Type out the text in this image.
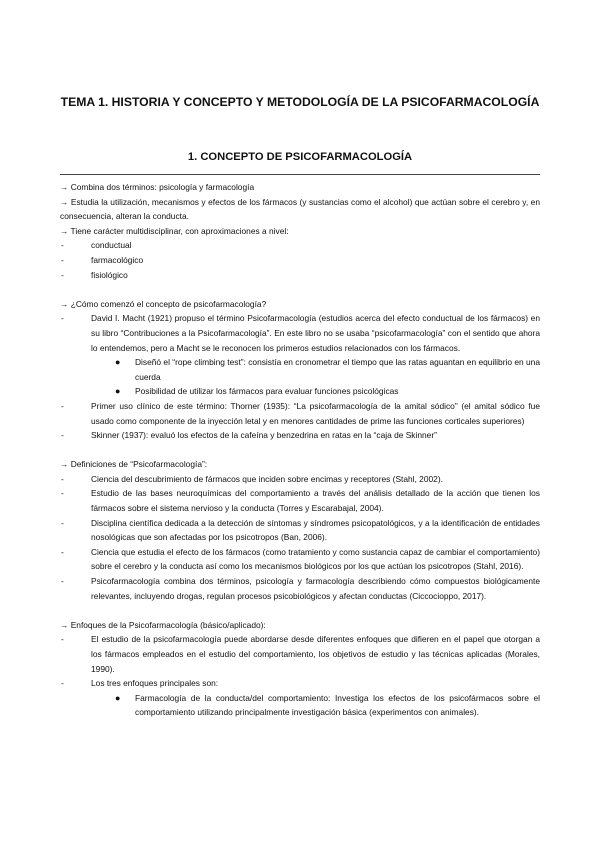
TEMA 1. HISTORIA Y CONCEPTO Y METODOLOGÍA DE LA PSICOFARMACOLOGÍA
1. CONCEPTO DE PSICOFARMACOLOGÍA

→ Combina dos términos: psicología y farmacología

→ Estudia la utilización, mecanismos y efectos de los fármacos (y sustancias como el alcohol) que actúan sobre el cerebro y, en consecuencia, alteran la conducta.

→ Tiene carácter multidisciplinar, con aproximaciones a nivel:

-	conductual
-	farmacológico
-	fisiológico

→ ¿Cómo comenzó el concepto de psicofarmacología?

-	David I. Macht (1921) propuso el término Psicofarmacología (estudios acerca del efecto conductual de los fármacos) en su libro “Contribuciones a la Psicofarmacología”. En este libro no se usaba “psicofarmacología” con el sentido que ahora lo entendemos, pero a Macht se le reconocen los primeros estudios relacionados con los fármacos.
● Diseñó el “rope climbing test”: consistía en cronometrar el tiempo que las ratas aguantan en equilibrio en una cuerda
● Posibilidad de utilizar los fármacos para evaluar funciones psicológicas
-	Primer uso clínico de este término: Thorner (1935): “La psicofarmacología de la amital sódico” (el amital sódico fue usado como componente de la inyección letal y en menores cantidades de prime las funciones corticales superiores)
-	Skinner (1937): evaluó los efectos de la cafeína y benzedrina en ratas en la “caja de Skinner”

→ Definiciones de “Psicofarmacología”:

-	Ciencia del descubrimiento de fármacos que inciden sobre encimas y receptores (Stahl, 2002).
-	Estudio de las bases neuroquímicas del comportamiento a través del análisis detallado de la acción que tienen los fármacos sobre el sistema nervioso y la conducta (Torres y Escarabajal, 2004).
-	Disciplina científica dedicada a la detección de síntomas y síndromes psicopatológicos, y a la identificación de entidades nosológicas que son afectadas por los psicotropos (Ban, 2006).
-	Ciencia que estudia el efecto de los fármacos (como tratamiento y como sustancia capaz de cambiar el comportamiento) sobre el cerebro y la conducta así como los mecanismos biológicos por los que actúan los psicotropos (Stahl, 2016).
-	Psicofarmacología combina dos términos, psicología y farmacología describiendo cómo compuestos biológicamente relevantes, incluyendo drogas, regulan procesos psicobiológicos y afectan conductas (Ciccocioppo, 2017).

→ Enfoques de la Psicofarmacología (básico/aplicado):

-	El estudio de la psicofarmacología puede abordarse desde diferentes enfoques que difieren en el papel que otorgan a los fármacos empleados en el estudio del comportamiento, los objetivos de estudio y las técnicas aplicadas (Morales, 1990).
-	Los tres enfoques principales son:
● Farmacología de la conducta/del comportamiento: Investiga los efectos de los psicofármacos sobre el comportamiento utilizando principalmente investigación básica (experimentos con animales).
